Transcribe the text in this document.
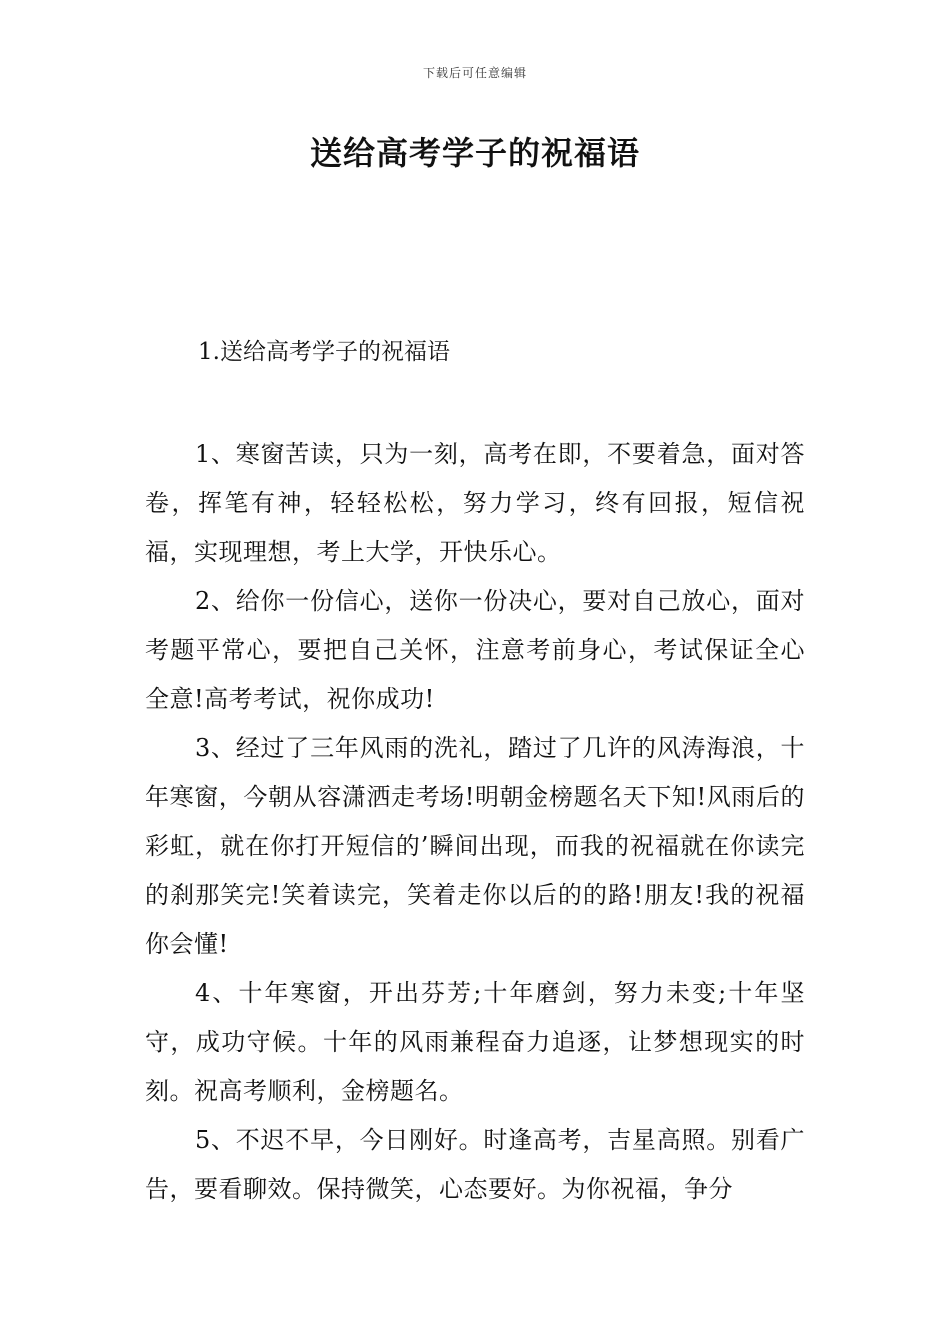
下载后可任意编辑
送给高考学子的祝福语
1.送给高考学子的祝福语

1、寒窗苦读，只为一刻，高考在即，不要着急，面对答卷，挥笔有神，轻轻松松，努力学习，终有回报，短信祝福，实现理想，考上大学，开快乐心。

2、给你一份信心，送你一份决心，要对自己放心，面对考题平常心，要把自己关怀，注意考前身心，考试保证全心全意!高考考试，祝你成功!

3、经过了三年风雨的洗礼，踏过了几许的风涛海浪，十年寒窗，今朝从容潇洒走考场!明朝金榜题名天下知!风雨后的彩虹，就在你打开短信的’瞬间出现，而我的祝福就在你读完的刹那笑完!笑着读完，笑着走你以后的的路!朋友!我的祝福你会懂!

4、十年寒窗，开出芬芳;十年磨剑，努力未变;十年坚守，成功守候。十年的风雨兼程奋力追逐，让梦想现实的时刻。祝高考顺利，金榜题名。

5、不迟不早，今日刚好。时逢高考，吉星高照。别看广告，要看聊效。保持微笑，心态要好。为你祝福，争分
